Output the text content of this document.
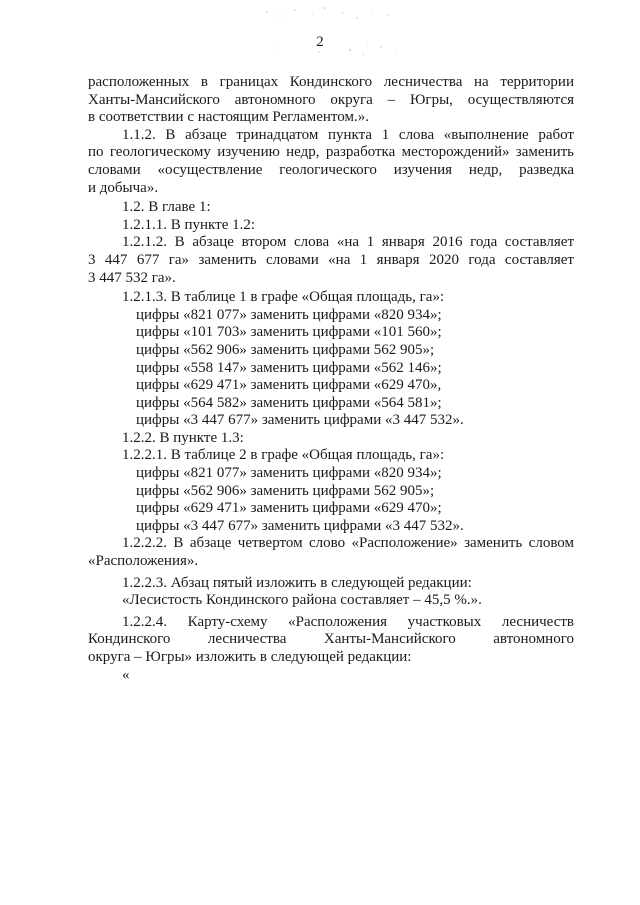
2
расположенных в границах Кондинского лесничества на территории
Ханты-Мансийского автономного округа – Югры, осуществляются
в соответствии с настоящим Регламентом.».
1.1.2. В абзаце тринадцатом пункта 1 слова «выполнение работ
по геологическому изучению недр, разработка месторождений» заменить
словами «осуществление геологического изучения недр, разведка
и добыча».
1.2. В главе 1:
1.2.1.1. В пункте 1.2:
1.2.1.2. В абзаце втором слова «на 1 января 2016 года составляет
3 447 677 га» заменить словами «на 1 января 2020 года составляет
3 447 532 га».
1.2.1.3. В таблице 1 в графе «Общая площадь, га»:
цифры «821 077» заменить цифрами «820 934»;
цифры «101 703» заменить цифрами «101 560»;
цифры «562 906» заменить цифрами 562 905»;
цифры «558 147» заменить цифрами «562 146»;
цифры «629 471» заменить цифрами «629 470»,
цифры «564 582» заменить цифрами «564 581»;
цифры «3 447 677» заменить цифрами «3 447 532».
1.2.2. В пункте 1.3:
1.2.2.1. В таблице 2 в графе «Общая площадь, га»:
цифры «821 077» заменить цифрами «820 934»;
цифры «562 906» заменить цифрами 562 905»;
цифры «629 471» заменить цифрами «629 470»;
цифры «3 447 677» заменить цифрами «3 447 532».
1.2.2.2. В абзаце четвертом слово «Расположение» заменить словом
«Расположения».
1.2.2.3. Абзац пятый изложить в следующей редакции:
«Лесистость Кондинского района составляет – 45,5 %.».
1.2.2.4. Карту-схему «Расположения участковых лесничеств
Кондинского лесничества Ханты-Мансийского автономного
округа – Югры» изложить в следующей редакции:
«
